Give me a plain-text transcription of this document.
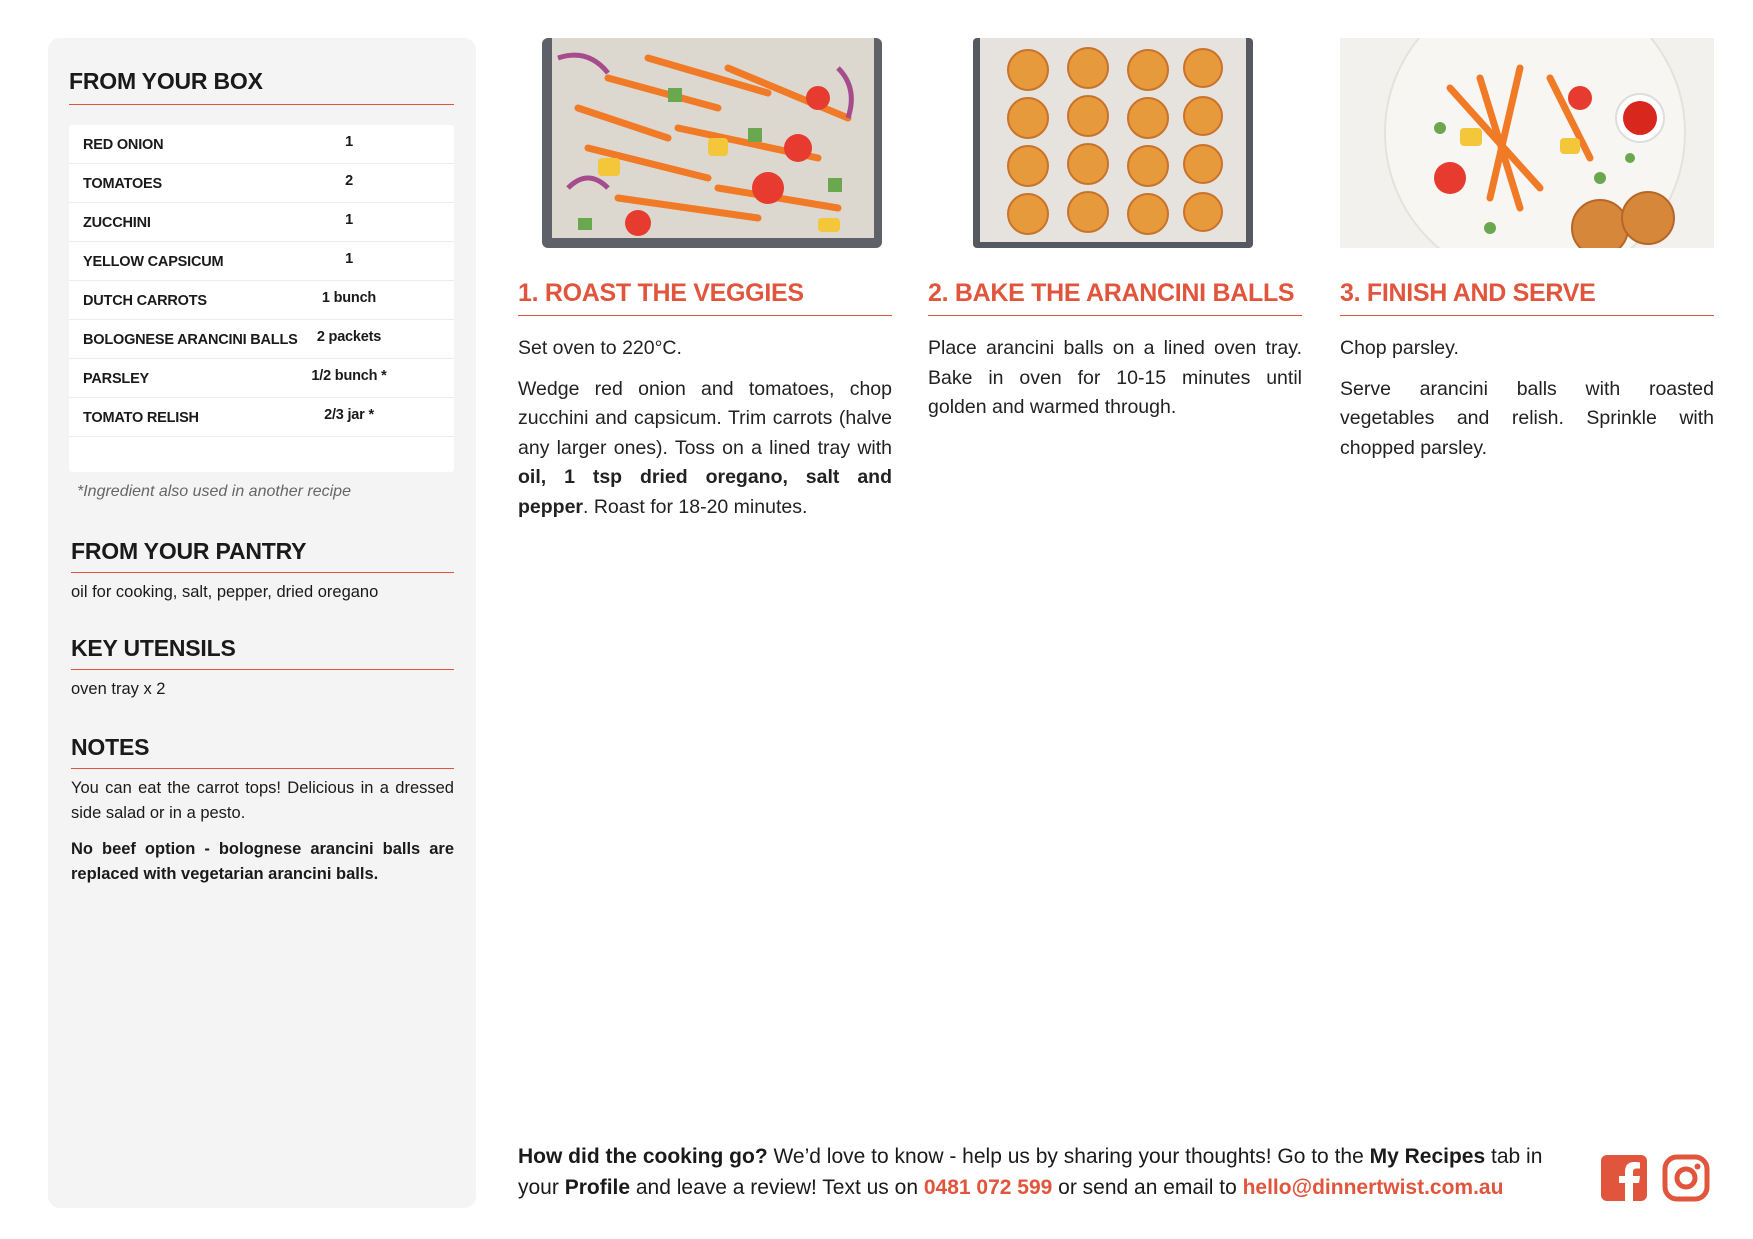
FROM YOUR BOX
RED ONION	1
TOMATOES	2
ZUCCHINI	1
YELLOW CAPSICUM	1
DUTCH CARROTS	1 bunch
BOLOGNESE ARANCINI BALLS	2 packets
PARSLEY	1/2 bunch *
TOMATO RELISH	2/3 jar *
*Ingredient also used in another recipe
FROM YOUR PANTRY
oil for cooking, salt, pepper, dried oregano
KEY UTENSILS
oven tray x 2
NOTES

You can eat the carrot tops! Delicious in a dressed side salad or in a pesto.

No beef option - bolognese arancini balls are replaced with vegetarian arancini balls.

1. ROAST THE VEGGIES

Set oven to 220°C.

Wedge red onion and tomatoes, chop zucchini and capsicum. Trim carrots (halve any larger ones). Toss on a lined tray with oil, 1 tsp dried oregano, salt and pepper. Roast for 18-20 minutes.

2. BAKE THE ARANCINI BALLS

Place arancini balls on a lined oven tray. Bake in oven for 10-15 minutes until golden and warmed through.

3. FINISH AND SERVE

Chop parsley.

Serve arancini balls with roasted vegetables and relish. Sprinkle with chopped parsley.

How did the cooking go? We’d love to know - help us by sharing your thoughts! Go to the My Recipes tab in your Profile and leave a review! Text us on 0481 072 599 or send an email to hello@dinnertwist.com.au
